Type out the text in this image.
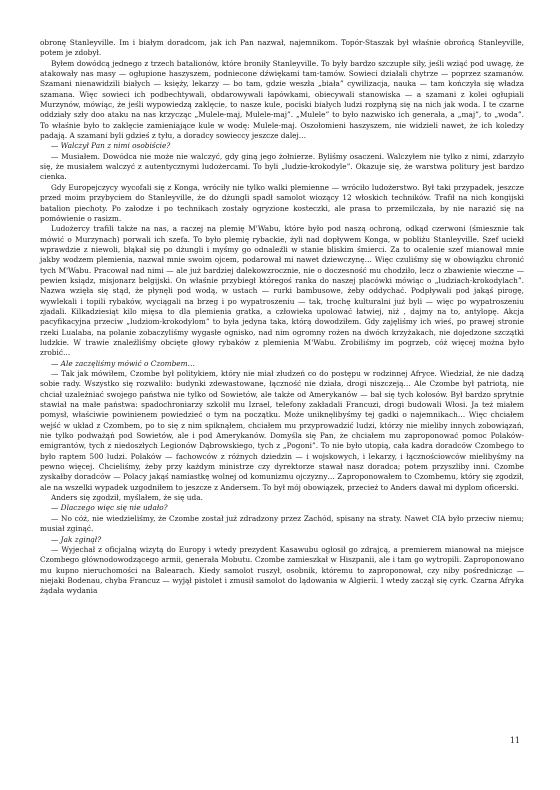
obronę Stanleyville. Im i białym doradcom, jak ich Pan nazwał, najemnikom. Topór-Staszak był właśnie obrońcą Stanleyville, potem je zdobył.

Byłem dowódcą jednego z trzech batalionów, które broniły Stanleyville. To były bardzo szczupłe siły, jeśli wziąć pod uwagę, że atakowały nas masy — ogłupione haszyszem, podniecone dźwiękami tam-tamów. Sowieci działali chytrze — poprzez szamanów. Szamani nienawidzili białych — księży, lekarzy — bo tam, gdzie weszła „biała” cywilizacja, nauka — tam kończyła się władza szamana. Więc sowieci ich podbechtywali, obdarowywali łapówkami, obiecywali stanowiska — a szamani z kolei ogłupiali Murzynów, mówiąc, że jeśli wypowiedzą zaklęcie, to nasze kule, pociski białych ludzi rozpłyną się na nich jak woda. I te czarne oddziały szły doo ataku na nas krzycząc „Mulele-maj, Mulele-maj”. „Mulele” to było nazwisko ich generała, a „maj”, to „woda”. To właśnie było to zaklęcie zamieniające kule w wodę: Mulele-maj. Oszołomieni haszyszem, nie widzieli nawet, że ich koledzy padają. A szamani byli gdzieś z tyłu, a doradcy sowieccy jeszcze dalej…

— Walczył Pan z nimi osobiście?

— Musiałem. Dowódca nie może nie walczyć, gdy giną jego żołnierze. Byliśmy osaczeni. Walczyłem nie tylko z nimi, zdarzyło się, że musiałem walczyć z autentycznymi ludożercami. To byli „ludzie-krokodyle”. Okazuje się, że warstwa politury jest bardzo cienka.

Gdy Europejczycy wycofali się z Konga, wróciły nie tylko walki plemienne — wróciło ludożerstwo. Był taki przypadek, jeszcze przed moim przybyciem do Stanleyville, że do dżungli spadł samolot wiozący 12 włoskich techników. Trafił na nich kongijski batalion piechoty. Po załodze i po technikach zostały ogryzione kosteczki, ale prasa to przemilczała, by nie narazić się na pomówienie o rasizm.

Ludożercy trafili także na nas, a raczej na plemię M'Wabu, które było pod naszą ochroną, odkąd czerwoni (śmiesznie tak mówić o Murzynach) porwali ich szefa. To było plemię rybackie, żyli nad dopływem Konga, w pobliżu Stanleyville. Szef uciekł wprawdzie z niewoli, błąkał się po dżungli i myśmy go odnaleźli w stanie bliskim śmierci. Za to ocalenie szef mianował mnie jakby wodzem plemienia, nazwał mnie swoim ojcem, podarował mi nawet dziewczynę… Więc czuliśmy się w obowiązku chronić tych M'Wabu. Pracował nad nimi — ale już bardziej dalekowzrocznie, nie o doczesność mu chodziło, lecz o zbawienie wieczne — pewien ksiądz, misjonarz belgijski. On właśnie przybiegł któregoś ranka do naszej placówki mówiąc o „ludziach-krokodylach”. Nazwa wzięła się stąd, że płynęli pod wodą, w ustach — rurki bambusowe, żeby oddychać. Podpływali pod jakąś pirogę, wywlekali i topili rybaków, wyciągali na brzeg i po wypatroszeniu — tak, trochę kulturalni już byli — więc po wypatroszeniu zjadali. Kilkadziesiąt kilo mięsa to dla plemienia gratka, a człowieka upolować łatwiej, niż , dajmy na to, antylopę. Akcja pacyfikacyjna przeciw „ludziom-krokodylom” to była jedyna taka, którą dowodziłem. Gdy zajęliśmy ich wieś, po prawej stronie rzeki Lualaba, na polanie zobaczyliśmy wygasłe ognisko, nad nim ogromny rożen na dwóch krzyżakach, nie dojedzone szczątki ludzkie. W trawie znaleźliśmy obcięte głowy rybaków z plemienia M'Wabu. Zrobiliśmy im pogrzeb, cóż więcej można było zrobić…

— Ale zaczęliśmy mówić o Czombem…

— Tak jak mówiłem, Czombe był politykiem, który nie miał złudzeń co do postępu w rodzinnej Afryce. Wiedział, że nie dadzą sobie rady. Wszystko się rozwaliło: budynki zdewastowane, łączność nie działa, drogi niszczeją… Ale Czombe był patriotą, nie chciał uzależniać swojego państwa nie tylko od Sowietów, ale także od Amerykanów — bał się tych kołosów. Był bardzo sprytnie stawiał na małe państwa: spadochroniarzy szkolił mu Izrael, telefony zakładali Francuzi, drogi budowali Włosi. Ja też miałem pomysł, właściwie powinienem powiedzieć o tym na początku. Może uniknęlibyśmy tej gadki o najemnikach… Więc chciałem wejść w układ z Czombem, po to się z nim spiknąłem, chciałem mu przyprowadzić ludzi, którzy nie mieliby innych zobowiązań, nie tylko podważąń pod Sowietów, ale i pod Amerykanów. Domyśla się Pan, że chciałem mu zaproponować pomoc Polaków-emigrantów, tych z niedoszłych Legionów Dąbrowskiego, tych z „Pogoni”. To nie było utopią, cała kadra doradców Czombego to było raptem 500 ludzi. Polaków — fachowców z różnych dziedzin — i wojskowych, i lekarzy, i łącznościowców mielibyśmy na pewno więcej. Chcieliśmy, żeby przy każdym ministrze czy dyrektorze stawał nasz doradca; potem przyszliby inni. Czombe zyskałby doradców — Polacy jakąś namiastkę wolnej od komunizmu ojczyzny… Zaproponowałem to Czombemu, który się zgodził, ale na wszelki wypadek uzgodniłem to jeszcze z Andersem. To był mój obowiązek, przecież to Anders dawał mi dyplom oficerski.

Anders się zgodził, myślałem, że się uda.

— Dlaczego więc się nie udało?

— No cóż, nie wiedzieliśmy, że Czombe został już zdradzony przez Zachód, spisany na straty. Nawet CIA było przeciw niemu; musiał zginąć.

— Jak zginął?

— Wyjechał z oficjalną wizytą do Europy i wtedy prezydent Kasawubu ogłosił go zdrajcą, a premierem mianował na miejsce Czombego głównodowodzącego armii, generała Mobutu. Czombe zamieszkał w Hiszpanii, ale i tam go wytropili. Zaproponowano mu kupno nieruchomości na Balearach. Kiedy samolot ruszył, osobnik, któremu to zaproponował, czy niby pośrednicząc — niejaki Bodenau, chyba Francuz — wyjął pistolet i zmusił samolot do lądowania w Algierii. I wtedy zaczął się cyrk. Czarna Afryka żądała wydania

11
